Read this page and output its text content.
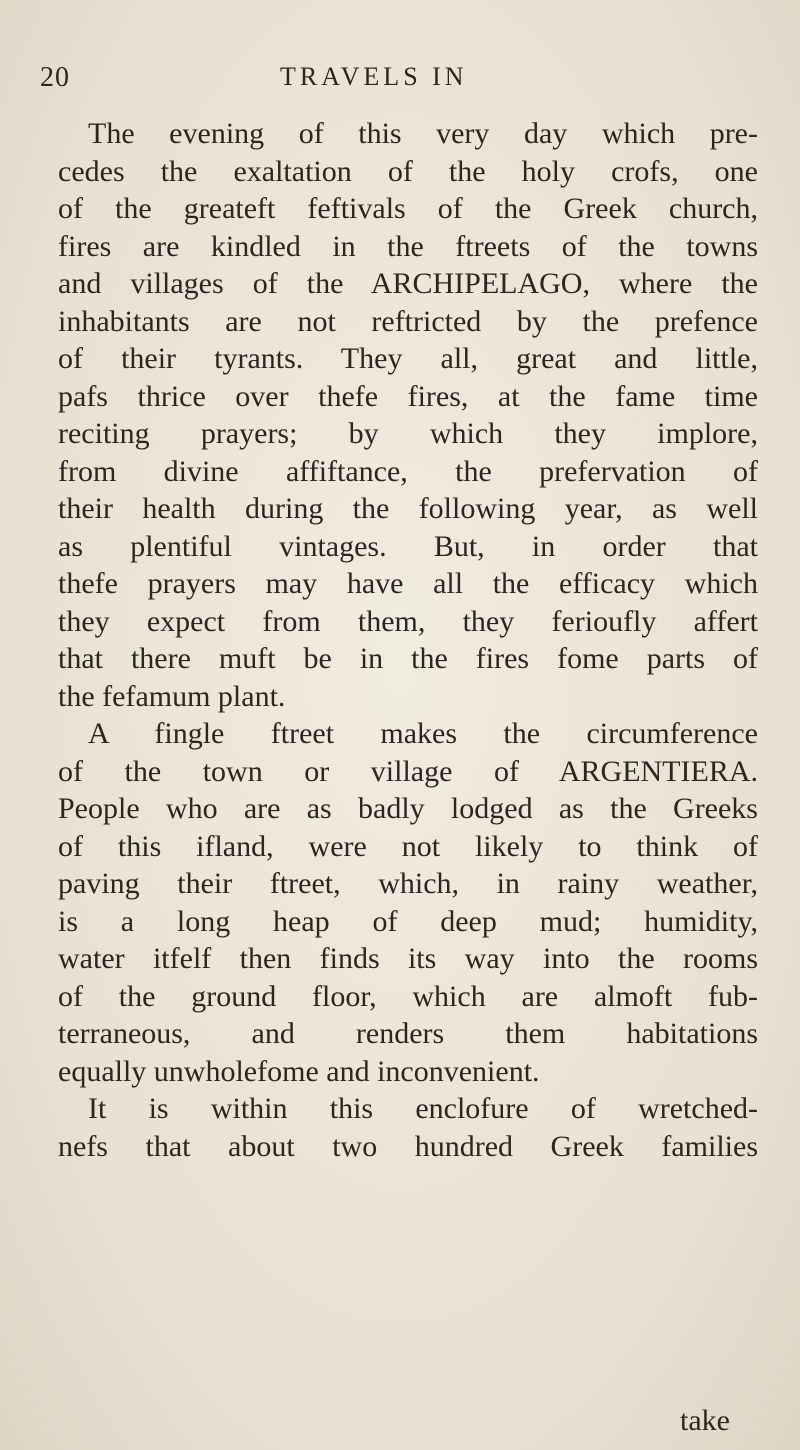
20	TRAVELS IN
The evening of this very day which pre-
cedes the exaltation of the holy crofs, one
of the greateft feftivals of the Greek church,
fires are kindled in the ftreets of the towns
and villages of the ARCHIPELAGO, where the
inhabitants are not reftricted by the prefence
of their tyrants. They all, great and little,
pafs thrice over thefe fires, at the fame time
reciting prayers; by which they implore,
from divine affiftance, the prefervation of
their health during the following year, as well
as plentiful vintages. But, in order that
thefe prayers may have all the efficacy which
they expect from them, they ferioufly affert
that there muft be in the fires fome parts of
the fefamum plant.
A fingle ftreet makes the circumference
of the town or village of ARGENTIERA.
People who are as badly lodged as the Greeks
of this ifland, were not likely to think of
paving their ftreet, which, in rainy weather,
is a long heap of deep mud; humidity,
water itfelf then finds its way into the rooms
of the ground floor, which are almoft fub-
terraneous, and renders them habitations
equally unwholefome and inconvenient.
It is within this enclofure of wretched-
nefs that about two hundred Greek families
take
